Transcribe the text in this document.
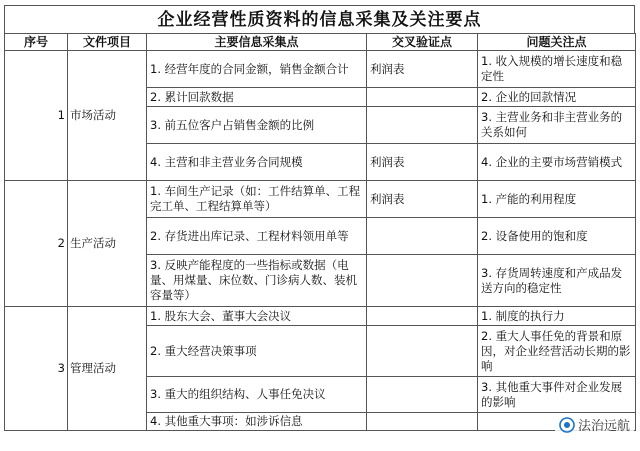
企业经营性质资料的信息采集及关注要点
序号	文件项目	主要信息采集点	交叉验证点	问题关注点
1	市场活动	1. 经营年度的合同金额，销售金额合计	利润表	1. 收入规模的增长速度和稳定性
		2. 累计回款数据		2. 企业的回款情况
		3. 前五位客户占销售金额的比例		3. 主营业务和非主营业务的关系如何
		4. 主营和非主营业务合同规模	利润表	4. 企业的主要市场营销模式
2	生产活动	1. 车间生产记录（如：工件结算单、工程完工单、工程结算单等）	利润表	1. 产能的利用程度
		2. 存货进出库记录、工程材料领用单等		2. 设备使用的饱和度
		3. 反映产能程度的一些指标或数据（电量、用煤量、床位数、门诊病人数、装机容量等）		3. 存货周转速度和产成品发送方向的稳定性
3	管理活动	1. 股东大会、董事大会决议		1. 制度的执行力
		2. 重大经营决策事项		2. 重大人事任免的背景和原因，对企业经营活动长期的影响
		3. 重大的组织结构、人事任免决议		3. 其他重大事件对企业发展的影响
		4. 其他重大事项：如涉诉信息			法治远航
